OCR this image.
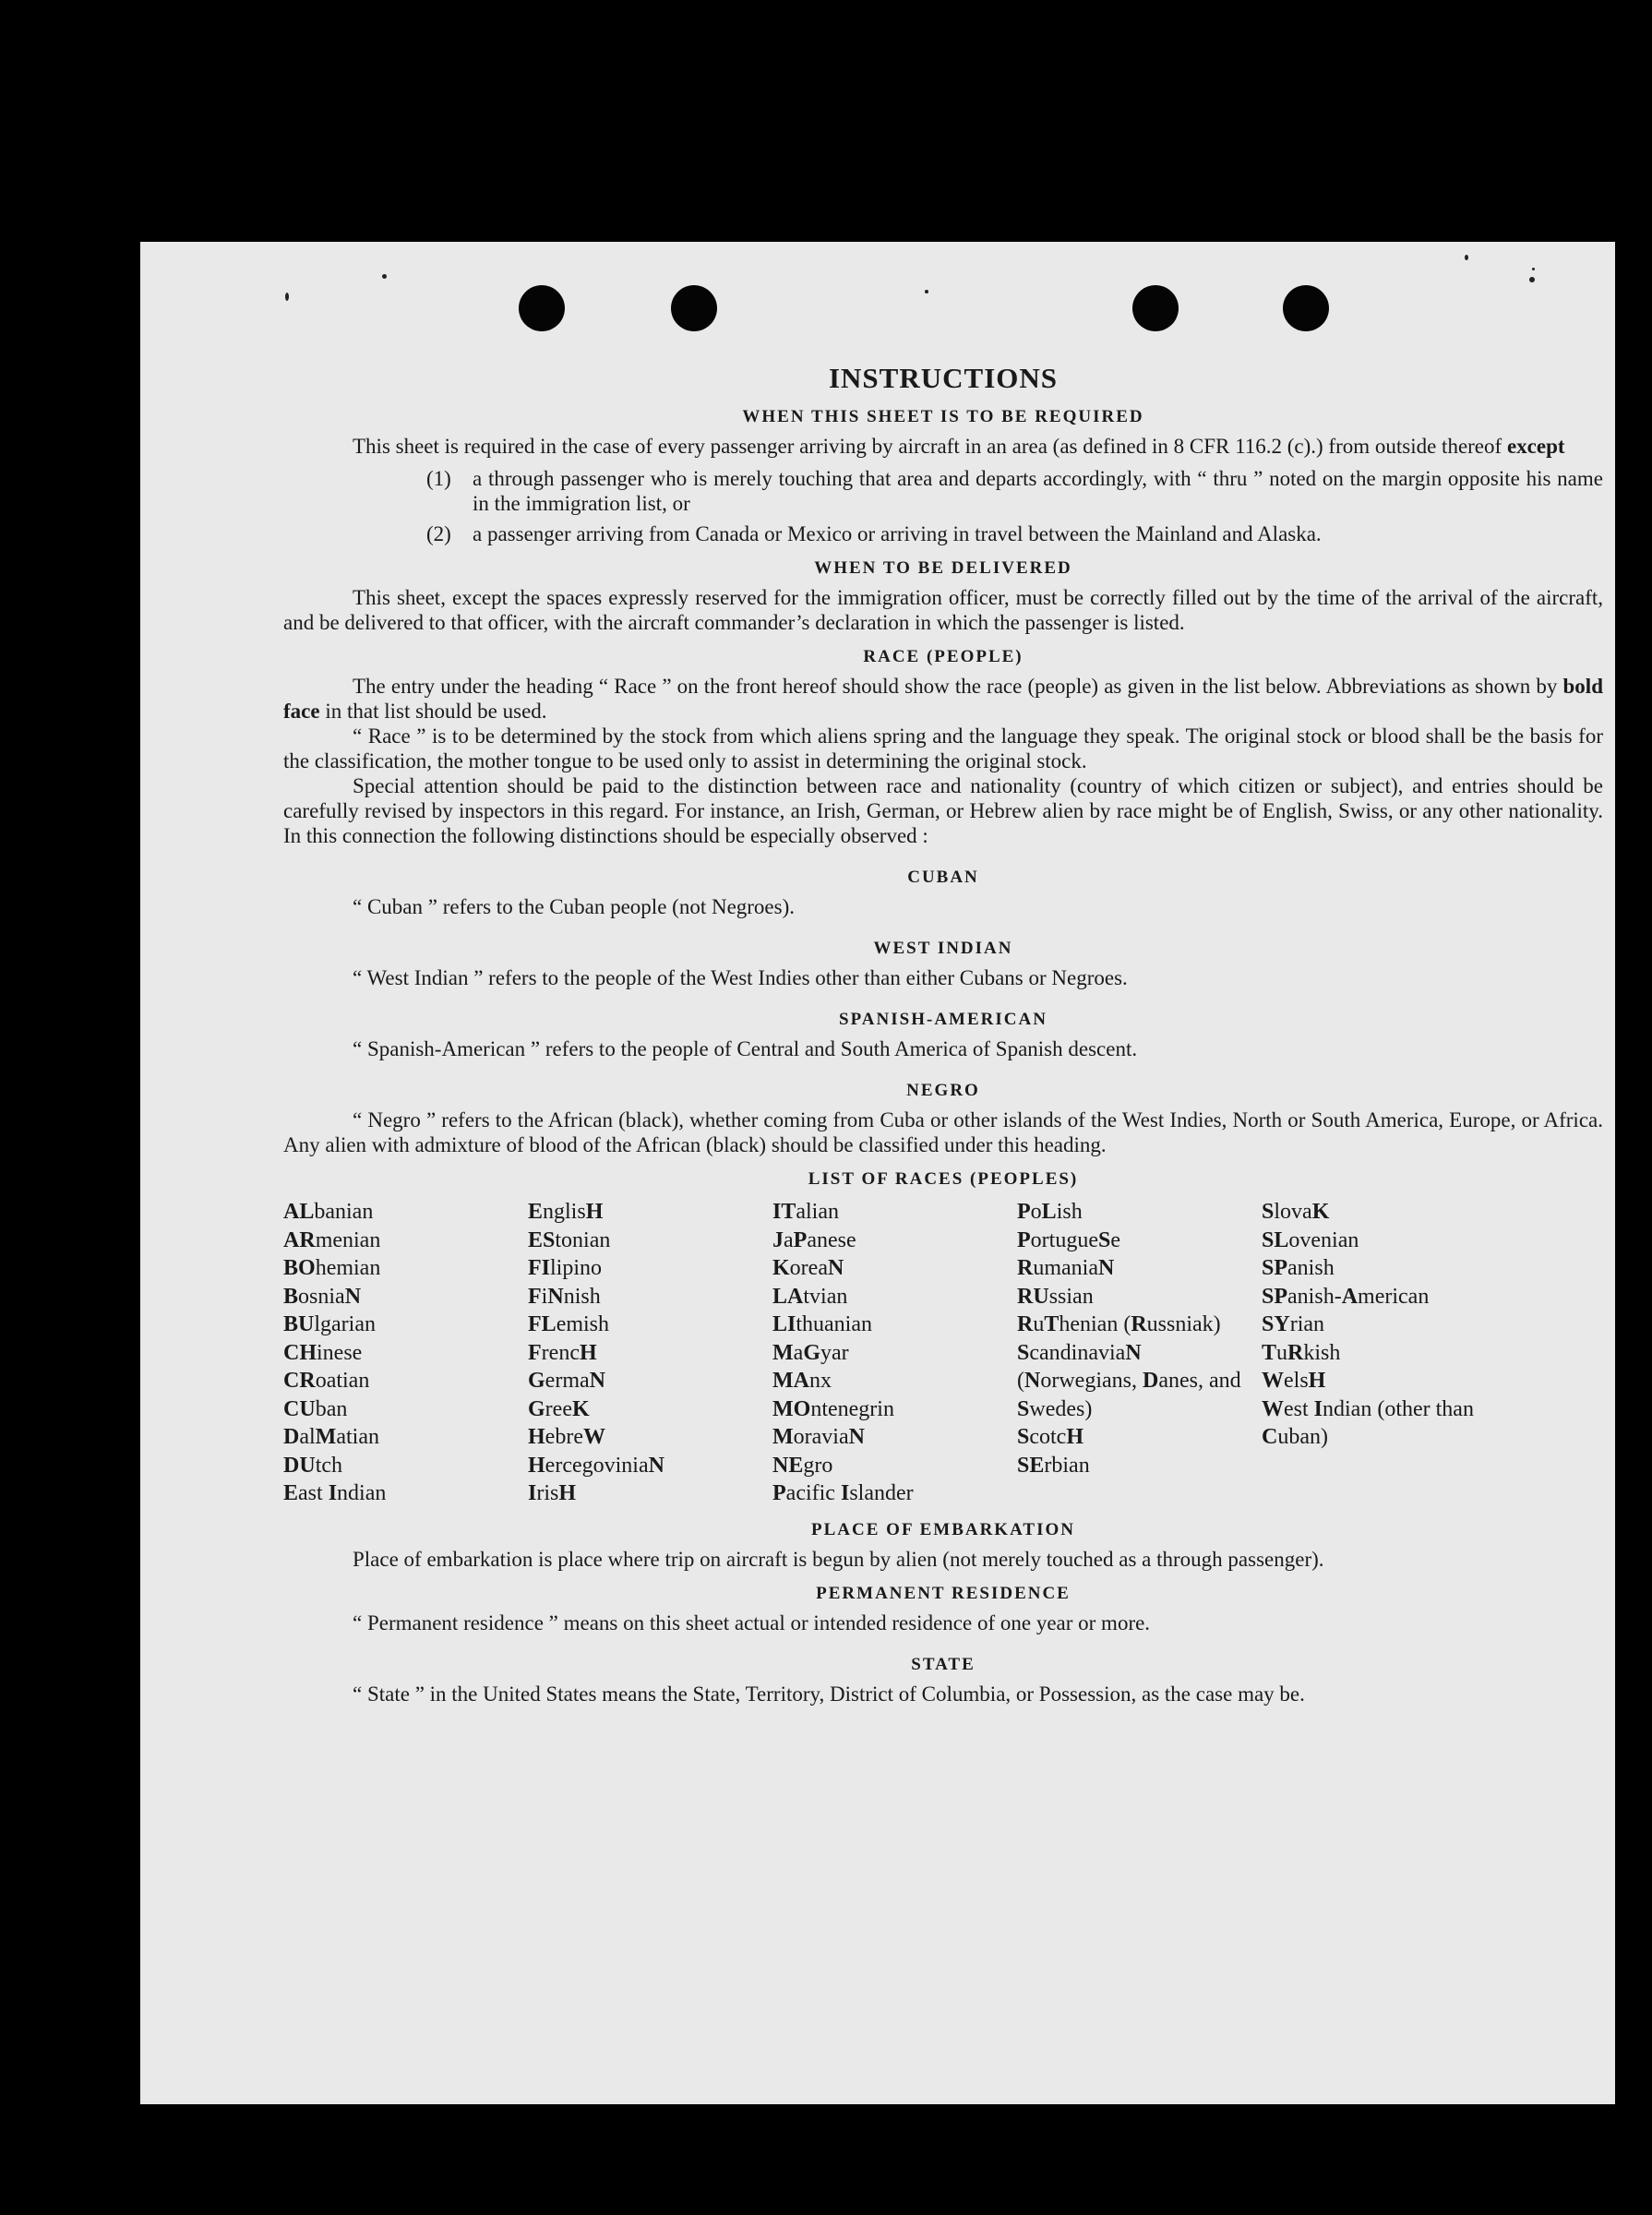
INSTRUCTIONS
WHEN THIS SHEET IS TO BE REQUIRED

This sheet is required in the case of every passenger arriving by aircraft in an area (as defined in 8 CFR 116.2 (c).) from outside thereof except

(1)	a through passenger who is merely touching that area and departs accordingly, with “ thru ” noted on the margin opposite his name in the immigration list, or
(2)	a passenger arriving from Canada or Mexico or arriving in travel between the Mainland and Alaska.
WHEN TO BE DELIVERED

This sheet, except the spaces expressly reserved for the immigration officer, must be correctly filled out by the time of the arrival of the aircraft, and be delivered to that officer, with the aircraft commander’s declaration in which the passenger is listed.

RACE (PEOPLE)

The entry under the heading “ Race ” on the front hereof should show the race (people) as given in the list below. Abbreviations as shown by bold face in that list should be used.

“ Race ” is to be determined by the stock from which aliens spring and the language they speak. The original stock or blood shall be the basis for the classification, the mother tongue to be used only to assist in determining the original stock.

Special attention should be paid to the distinction between race and nationality (country of which citizen or subject), and entries should be carefully revised by inspectors in this regard. For instance, an Irish, German, or Hebrew alien by race might be of English, Swiss, or any other nationality. In this connection the following distinctions should be especially observed :

CUBAN

“ Cuban ” refers to the Cuban people (not Negroes).

WEST INDIAN

“ West Indian ” refers to the people of the West Indies other than either Cubans or Negroes.

SPANISH-AMERICAN

“ Spanish-American ” refers to the people of Central and South America of Spanish descent.

NEGRO

“ Negro ” refers to the African (black), whether coming from Cuba or other islands of the West Indies, North or South America, Europe, or Africa. Any alien with admixture of blood of the African (black) should be classified under this heading.

LIST OF RACES (PEOPLES)
ALbanian
ARmenian
BOhemian
BosniaN
BUlgarian
CHinese
CRoatian
CUban
DalMatian
DUtch
East Indian
EnglisH
EStonian
FIlipino
FiNnish
FLemish
FrencH
GermaN
GreeK
HebreW
HercegoviniaN
IrisH
ITalian
JaPanese
KoreaN
LAtvian
LIthuanian
MaGyar
MAnx
MOntenegrin
MoraviaN
NEgro
Pacific Islander
PoLish
PortugueSe
RumaniaN
RUssian
RuThenian (Russniak)
ScandinaviaN (Norwegians, Danes, and Swedes)
ScotcH
SErbian
SlovaK
SLovenian
SPanish
SPanish-American
SYrian
TuRkish
WelsH
West Indian (other than Cuban)
PLACE OF EMBARKATION

Place of embarkation is place where trip on aircraft is begun by alien (not merely touched as a through passenger).

PERMANENT RESIDENCE

“ Permanent residence ” means on this sheet actual or intended residence of one year or more.

STATE

“ State ” in the United States means the State, Territory, District of Columbia, or Possession, as the case may be.
